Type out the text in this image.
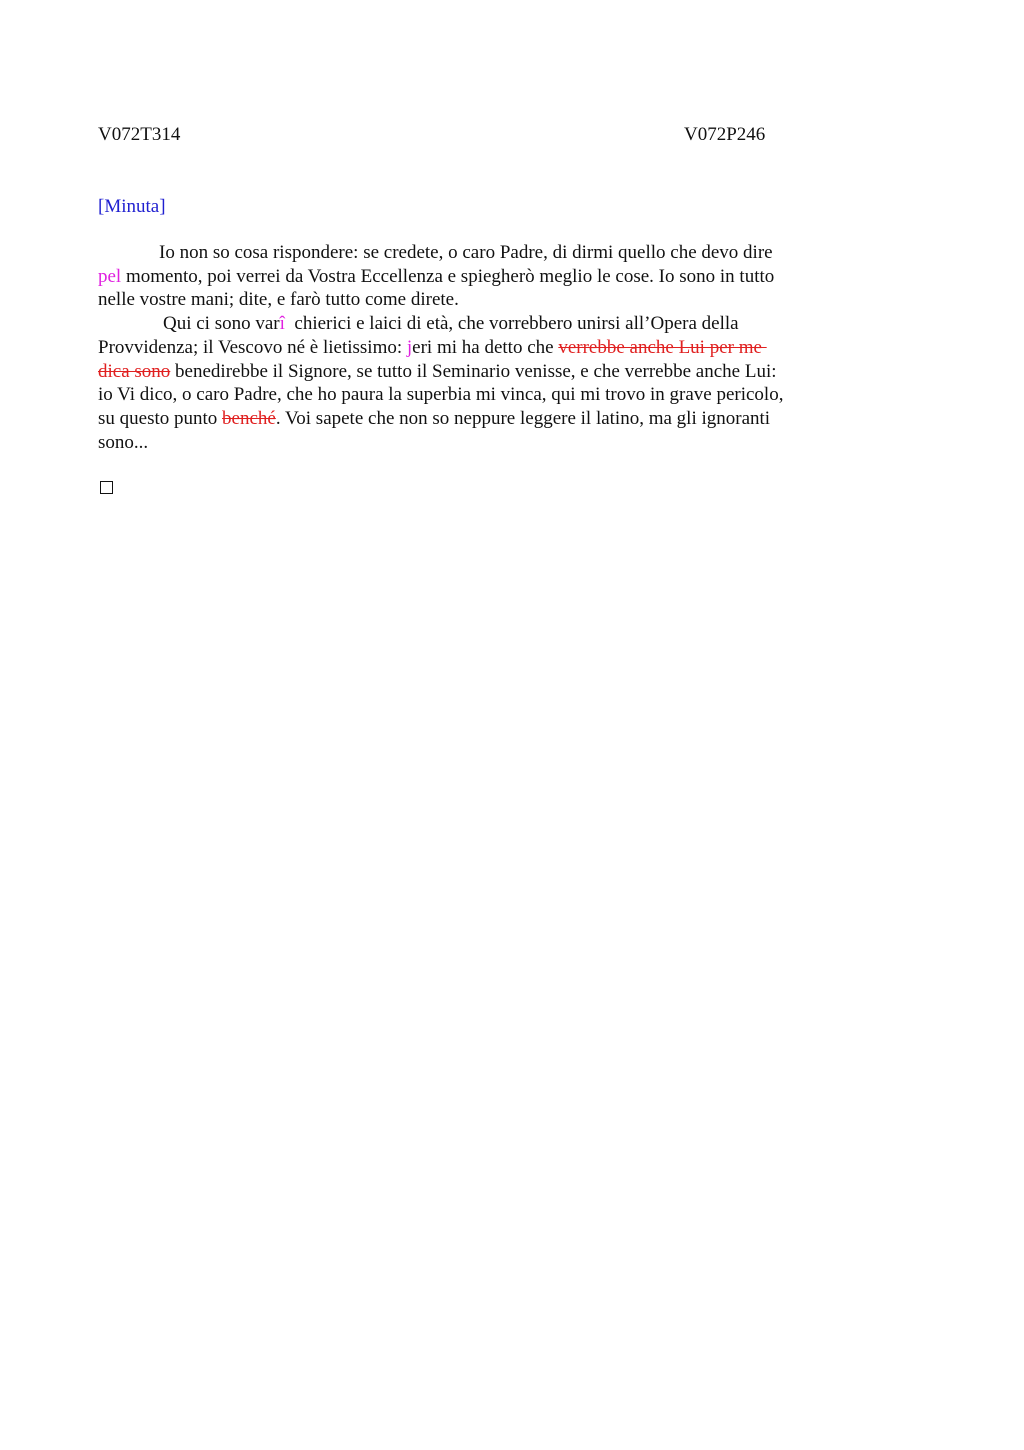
V072T314	V072P246
[Minuta]
Io non so cosa rispondere: se credete, o caro Padre, di dirmi quello che devo dire
pel momento, poi verrei da Vostra Eccellenza e spiegherò meglio le cose. Io sono in tutto
nelle vostre mani; dite, e farò tutto come direte.
Qui ci sono varî  chierici e laici di età, che vorrebbero unirsi all’Opera della
Provvidenza; il Vescovo né è lietissimo: jeri mi ha detto che verrebbe anche Lui per me
dica sono benedirebbe il Signore, se tutto il Seminario venisse, e che verrebbe anche Lui:
io Vi dico, o caro Padre, che ho paura la superbia mi vinca, qui mi trovo in grave pericolo,
su questo punto benché. Voi sapete che non so neppure leggere il latino, ma gli ignoranti
sono...
